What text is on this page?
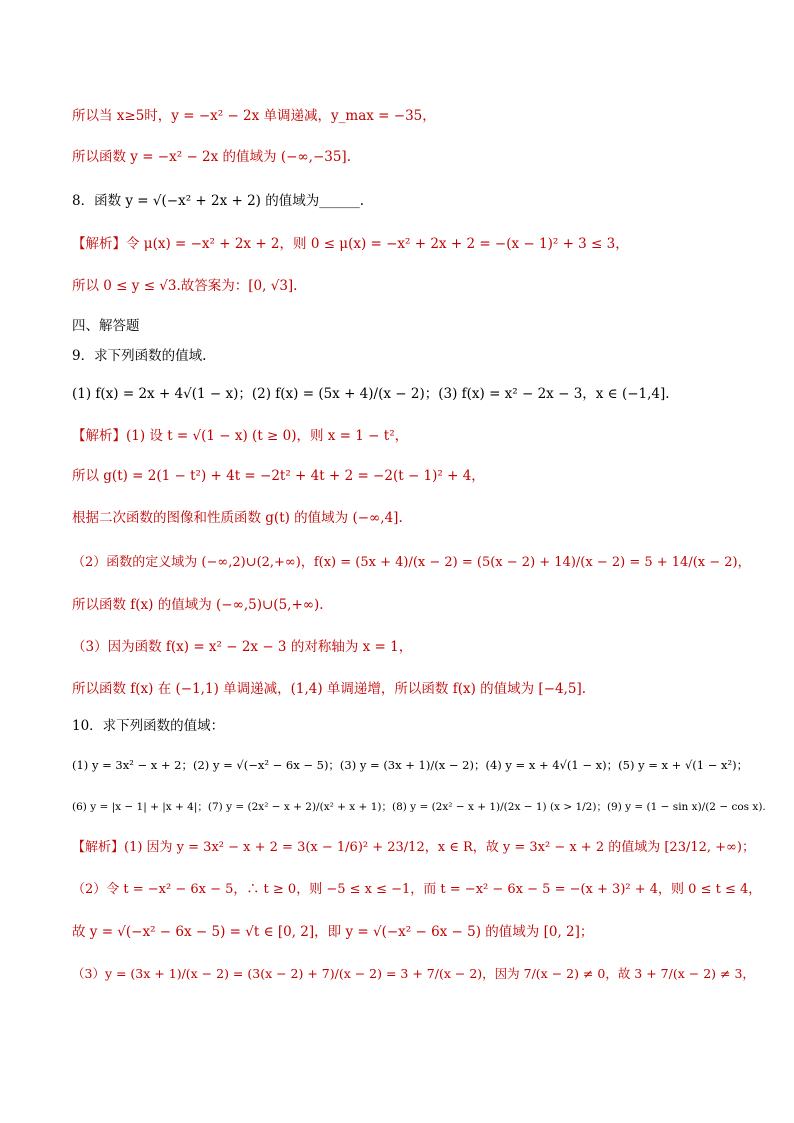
所以当 x≥5时，y = −x² − 2x 单调递减，y_max = −35，
所以函数 y = −x² − 2x 的值域为 (−∞,−35].
8．函数 y = √(−x² + 2x + 2) 的值域为______.
【解析】令 μ(x) = −x² + 2x + 2，则 0 ≤ μ(x) = −x² + 2x + 2 = −(x − 1)² + 3 ≤ 3，
所以 0 ≤ y ≤ √3.故答案为：[0, √3].
四、解答题
9．求下列函数的值域.
(1) f(x) = 2x + 4√(1 − x)；(2) f(x) = (5x + 4)/(x − 2)；(3) f(x) = x² − 2x − 3，x ∈ (−1,4].
【解析】(1) 设 t = √(1 − x) (t ≥ 0)，则 x = 1 − t²，
所以 g(t) = 2(1 − t²) + 4t = −2t² + 4t + 2 = −2(t − 1)² + 4，
根据二次函数的图像和性质函数 g(t) 的值域为 (−∞,4].
（2）函数的定义域为 (−∞,2)∪(2,+∞)，f(x) = (5x + 4)/(x − 2) = (5(x − 2) + 14)/(x − 2) = 5 + 14/(x − 2)，
所以函数 f(x) 的值域为 (−∞,5)∪(5,+∞).
（3）因为函数 f(x) = x² − 2x − 3 的对称轴为 x = 1，
所以函数 f(x) 在 (−1,1) 单调递减，(1,4) 单调递增，所以函数 f(x) 的值域为 [−4,5].
10．求下列函数的值域：
(1) y = 3x² − x + 2；(2) y = √(−x² − 6x − 5)；(3) y = (3x + 1)/(x − 2)；(4) y = x + 4√(1 − x)；(5) y = x + √(1 − x²)；
(6) y = |x − 1| + |x + 4|；(7) y = (2x² − x + 2)/(x² + x + 1)；(8) y = (2x² − x + 1)/(2x − 1) (x > 1/2)；(9) y = (1 − sin x)/(2 − cos x).
【解析】(1) 因为 y = 3x² − x + 2 = 3(x − 1/6)² + 23/12，x ∈ R，故 y = 3x² − x + 2 的值域为 [23/12, +∞)；
（2）令 t = −x² − 6x − 5，∴ t ≥ 0，则 −5 ≤ x ≤ −1，而 t = −x² − 6x − 5 = −(x + 3)² + 4，则 0 ≤ t ≤ 4，
故 y = √(−x² − 6x − 5) = √t ∈ [0, 2]，即 y = √(−x² − 6x − 5) 的值域为 [0, 2]；
（3）y = (3x + 1)/(x − 2) = (3(x − 2) + 7)/(x − 2) = 3 + 7/(x − 2)，因为 7/(x − 2) ≠ 0，故 3 + 7/(x − 2) ≠ 3，
